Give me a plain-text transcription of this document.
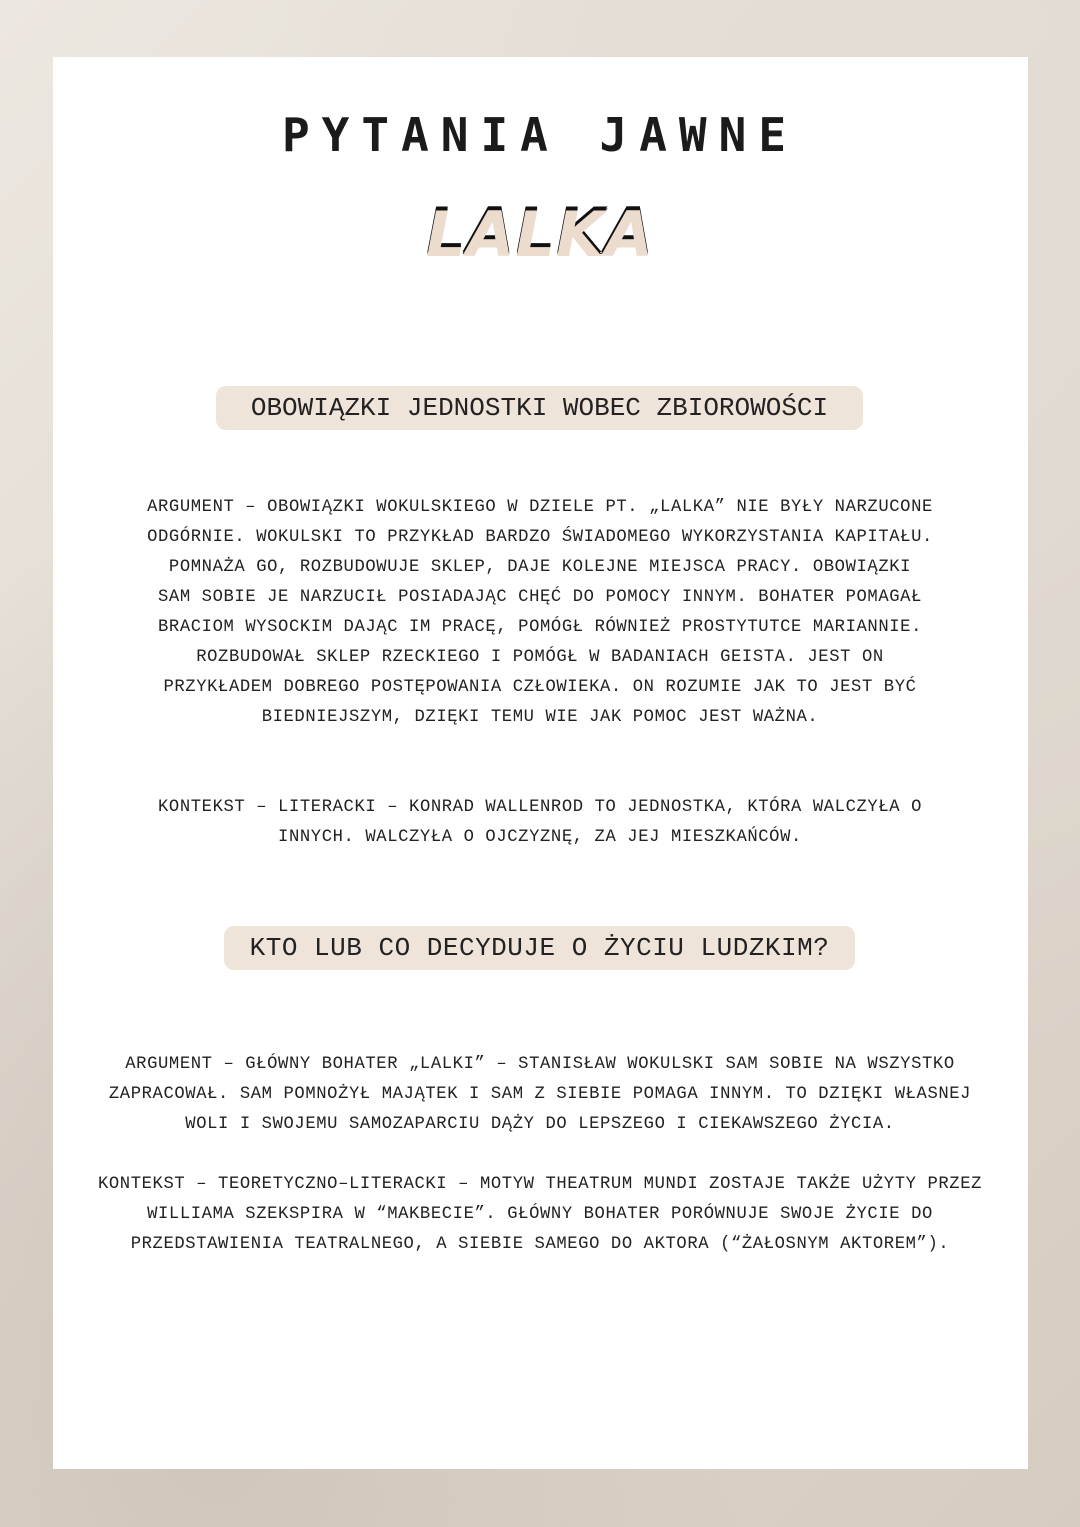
PYTANIA JAWNE
LALKA
OBOWIĄZKI JEDNOSTKI WOBEC ZBIOROWOŚCI
ARGUMENT – OBOWIĄZKI WOKULSKIEGO W DZIELE PT. „LALKA” NIE BYŁY NARZUCONE
ODGÓRNIE. WOKULSKI TO PRZYKŁAD BARDZO ŚWIADOMEGO WYKORZYSTANIA KAPITAŁU.
POMNAŻA GO, ROZBUDOWUJE SKLEP, DAJE KOLEJNE MIEJSCA PRACY. OBOWIĄZKI
SAM SOBIE JE NARZUCIŁ POSIADAJĄC CHĘĆ DO POMOCY INNYM. BOHATER POMAGAŁ
BRACIOM WYSOCKIM DAJĄC IM PRACĘ, POMÓGŁ RÓWNIEŻ PROSTYTUTCE MARIANNIE.
ROZBUDOWAŁ SKLEP RZECKIEGO I POMÓGŁ W BADANIACH GEISTA. JEST ON
PRZYKŁADEM DOBREGO POSTĘPOWANIA CZŁOWIEKA. ON ROZUMIE JAK TO JEST BYĆ
BIEDNIEJSZYM, DZIĘKI TEMU WIE JAK POMOC JEST WAŻNA.
KONTEKST – LITERACKI – KONRAD WALLENROD TO JEDNOSTKA, KTÓRA WALCZYŁA O
INNYCH. WALCZYŁA O OJCZYZNĘ, ZA JEJ MIESZKAŃCÓW.
KTO LUB CO DECYDUJE O ŻYCIU LUDZKIM?
ARGUMENT – GŁÓWNY BOHATER „LALKI” – STANISŁAW WOKULSKI SAM SOBIE NA WSZYSTKO
ZAPRACOWAŁ. SAM POMNOŻYŁ MAJĄTEK I SAM Z SIEBIE POMAGA INNYM. TO DZIĘKI WŁASNEJ
WOLI I SWOJEMU SAMOZAPARCIU DĄŻY DO LEPSZEGO I CIEKAWSZEGO ŻYCIA.
KONTEKST – TEORETYCZNO–LITERACKI – MOTYW THEATRUM MUNDI ZOSTAJE TAKŻE UŻYTY PRZEZ
WILLIAMA SZEKSPIRA W “MAKBECIE”. GŁÓWNY BOHATER PORÓWNUJE SWOJE ŻYCIE DO
PRZEDSTAWIENIA TEATRALNEGO, A SIEBIE SAMEGO DO AKTORA (“ŻAŁOSNYM AKTOREM”).
